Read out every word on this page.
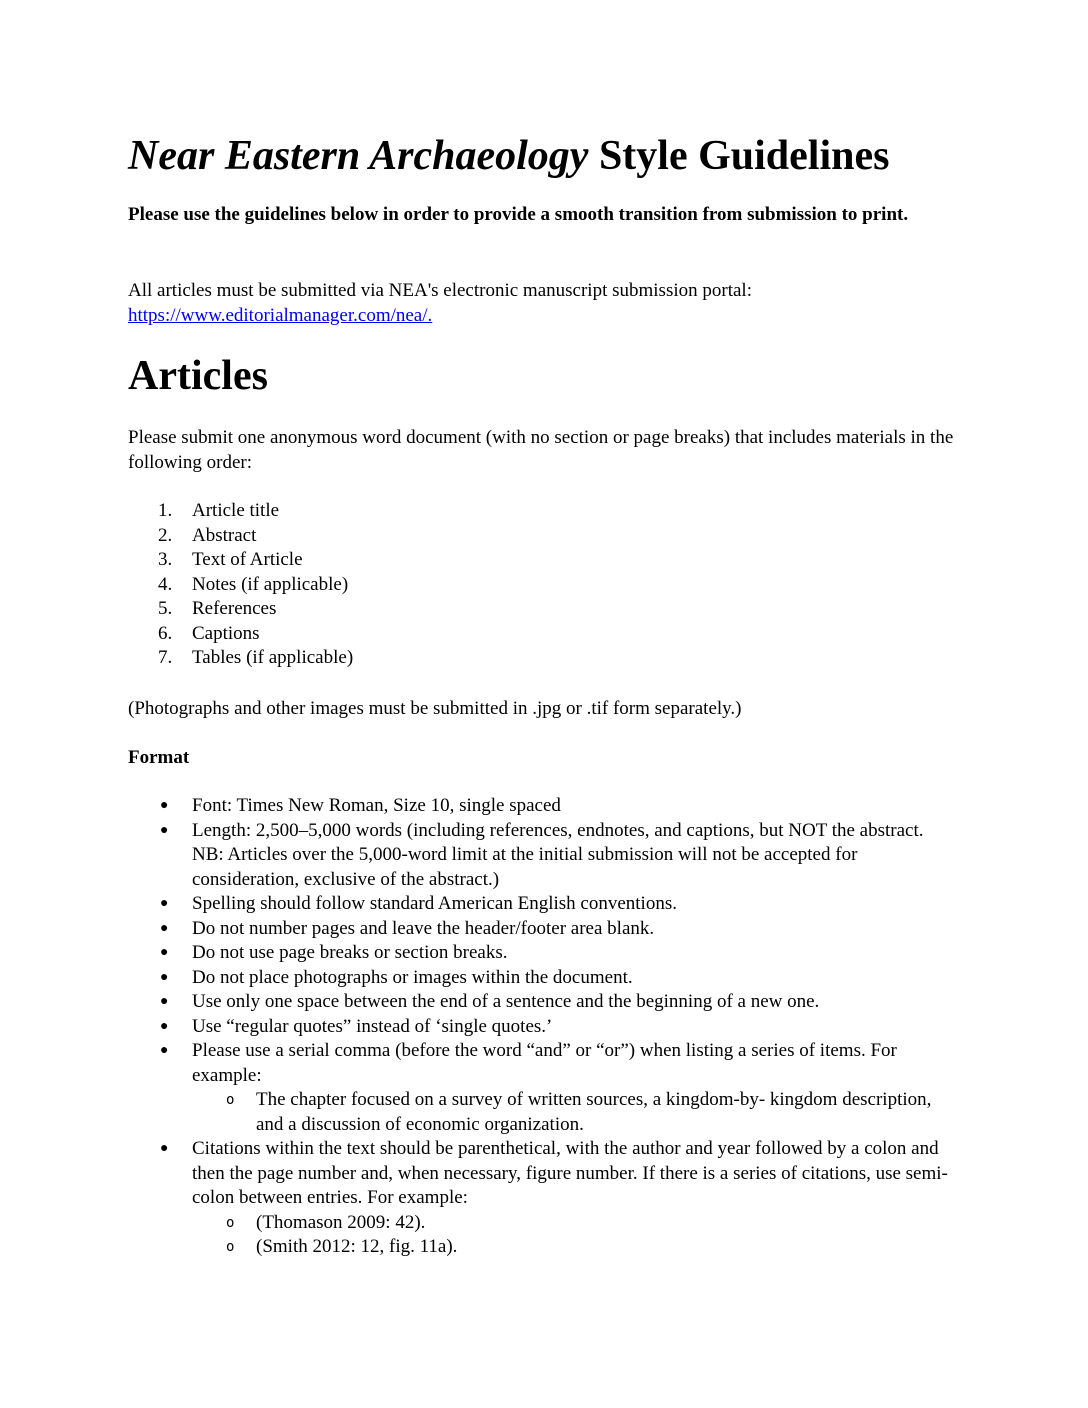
Near Eastern Archaeology Style Guidelines

Please use the guidelines below in order to provide a smooth transition from submission to print.

All articles must be submitted via NEA's electronic manuscript submission portal: https://www.editorialmanager.com/nea/.

Articles

Please submit one anonymous word document (with no section or page breaks) that includes materials in the following order:

1. Article title
2. Abstract
3. Text of Article
4. Notes (if applicable)
5. References
6. Captions
7. Tables (if applicable)

(Photographs and other images must be submitted in .jpg or .tif form separately.)

Format
● Font: Times New Roman, Size 10, single spaced
● Length: 2,500–5,000 words (including references, endnotes, and captions, but NOT the abstract. NB: Articles over the 5,000-word limit at the initial submission will not be accepted for consideration, exclusive of the abstract.)
● Spelling should follow standard American English conventions.
● Do not number pages and leave the header/footer area blank.
● Do not use page breaks or section breaks.
● Do not place photographs or images within the document.
● Use only one space between the end of a sentence and the beginning of a new one.
● Use “regular quotes” instead of ‘single quotes.’
● Please use a serial comma (before the word “and” or “or”) when listing a series of items. For example:
o The chapter focused on a survey of written sources, a kingdom-by- kingdom description, and a discussion of economic organization.
● Citations within the text should be parenthetical, with the author and year followed by a colon and then the page number and, when necessary, figure number. If there is a series of citations, use semi-colon between entries. For example:
o (Thomason 2009: 42).
o (Smith 2012: 12, fig. 11a).
